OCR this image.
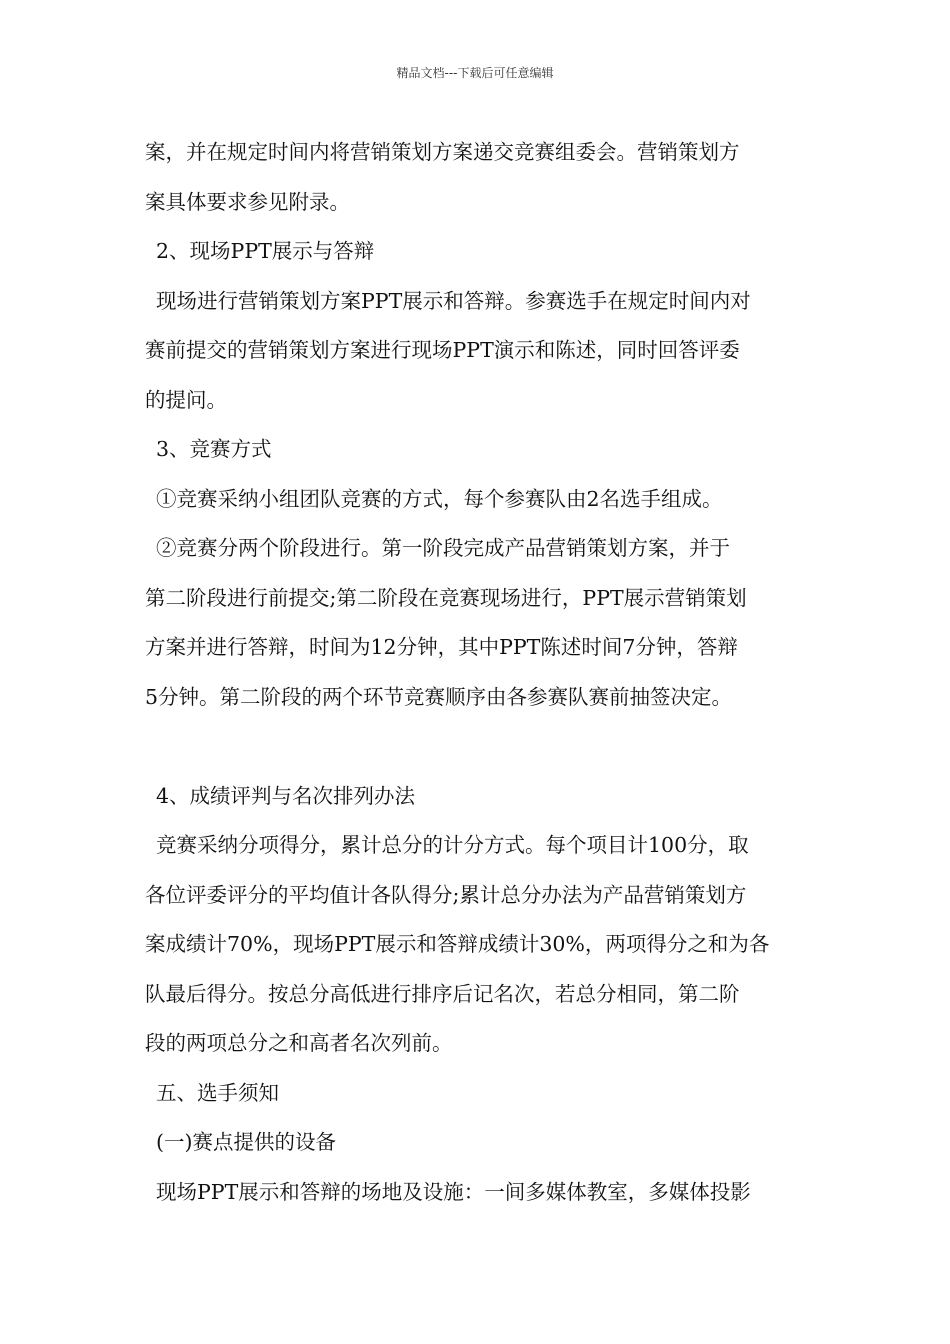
精品文档---下载后可任意编辑
案，并在规定时间内将营销策划方案递交竞赛组委会。营销策划方
案具体要求参见附录。
2、现场PPT展示与答辩
现场进行营销策划方案PPT展示和答辩。参赛选手在规定时间内对
赛前提交的营销策划方案进行现场PPT演示和陈述，同时回答评委
的提问。
3、竞赛方式
①竞赛采纳小组团队竞赛的方式，每个参赛队由2名选手组成。
②竞赛分两个阶段进行。第一阶段完成产品营销策划方案，并于
第二阶段进行前提交;第二阶段在竞赛现场进行，PPT展示营销策划
方案并进行答辩，时间为12分钟，其中PPT陈述时间7分钟，答辩
5分钟。第二阶段的两个环节竞赛顺序由各参赛队赛前抽签决定。
4、成绩评判与名次排列办法
竞赛采纳分项得分，累计总分的计分方式。每个项目计100分，取
各位评委评分的平均值计各队得分;累计总分办法为产品营销策划方
案成绩计70%，现场PPT展示和答辩成绩计30%，两项得分之和为各
队最后得分。按总分高低进行排序后记名次，若总分相同，第二阶
段的两项总分之和高者名次列前。
五、选手须知
(一)赛点提供的设备
现场PPT展示和答辩的场地及设施：一间多媒体教室，多媒体投影
